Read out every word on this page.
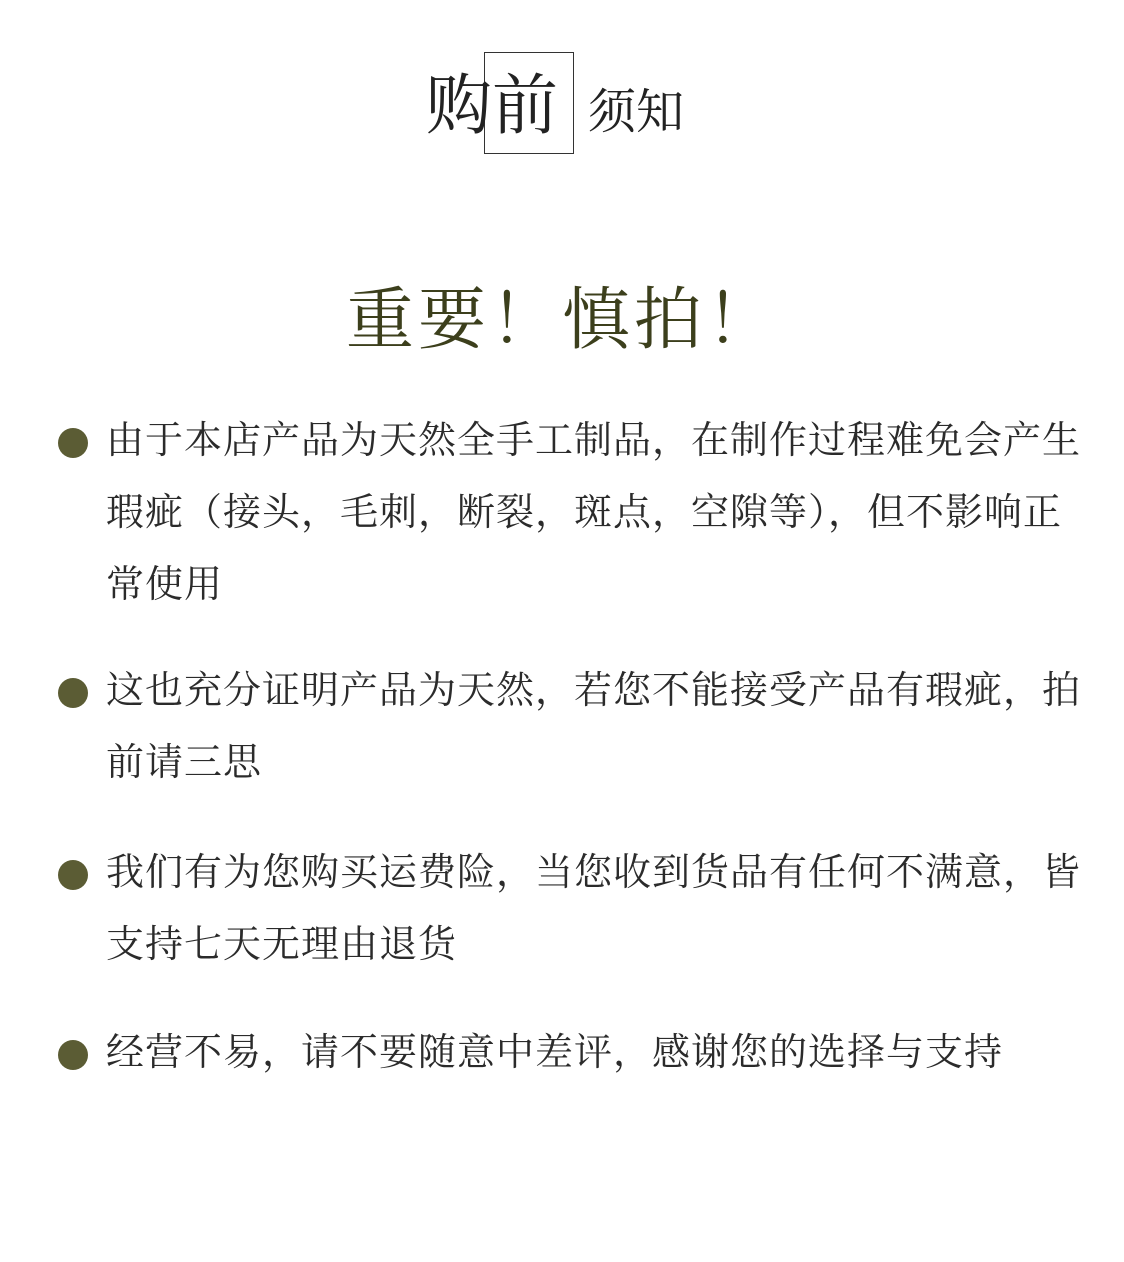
购前 须知
重要！慎拍！
由于本店产品为天然全手工制品，在制作过程难免会产生瑕疵（接头，毛刺，断裂，斑点，空隙等），但不影响正常使用
这也充分证明产品为天然，若您不能接受产品有瑕疵，拍前请三思
我们有为您购买运费险，当您收到货品有任何不满意，皆支持七天无理由退货
经营不易，请不要随意中差评，感谢您的选择与支持
